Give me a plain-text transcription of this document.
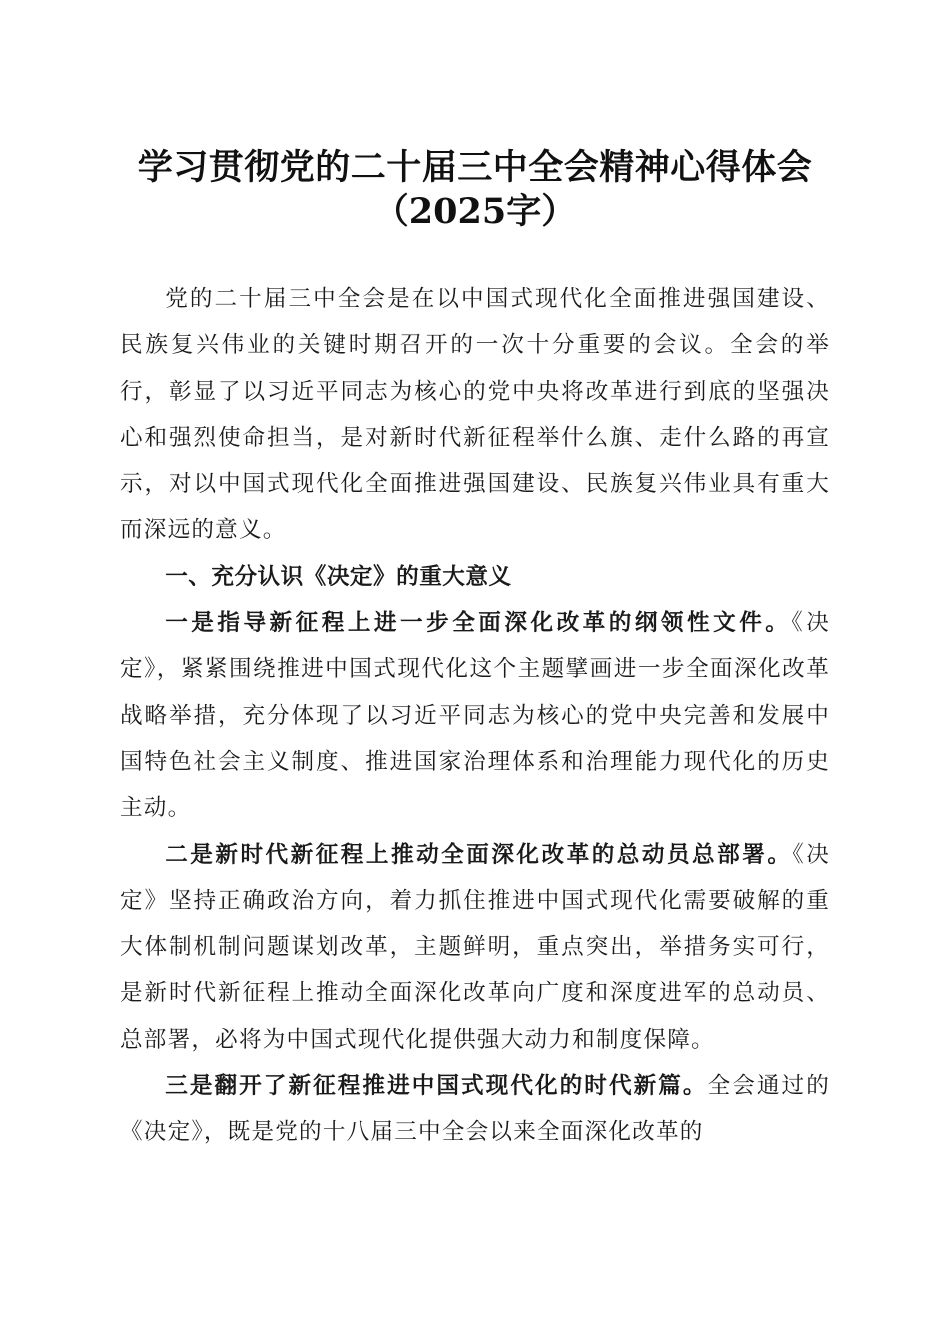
学习贯彻党的二十届三中全会精神心得体会
（2025字）

党的二十届三中全会是在以中国式现代化全面推进强国建设、民族复兴伟业的关键时期召开的一次十分重要的会议。全会的举行，彰显了以习近平同志为核心的党中央将改革进行到底的坚强决心和强烈使命担当，是对新时代新征程举什么旗、走什么路的再宣示，对以中国式现代化全面推进强国建设、民族复兴伟业具有重大而深远的意义。

一、充分认识《决定》的重大意义

一是指导新征程上进一步全面深化改革的纲领性文件。《决定》，紧紧围绕推进中国式现代化这个主题擘画进一步全面深化改革战略举措，充分体现了以习近平同志为核心的党中央完善和发展中国特色社会主义制度、推进国家治理体系和治理能力现代化的历史主动。

二是新时代新征程上推动全面深化改革的总动员总部署。《决定》坚持正确政治方向，着力抓住推进中国式现代化需要破解的重大体制机制问题谋划改革，主题鲜明，重点突出，举措务实可行，是新时代新征程上推动全面深化改革向广度和深度进军的总动员、总部署，必将为中国式现代化提供强大动力和制度保障。

三是翻开了新征程推进中国式现代化的时代新篇。全会通过的《决定》，既是党的十八届三中全会以来全面深化改革的
